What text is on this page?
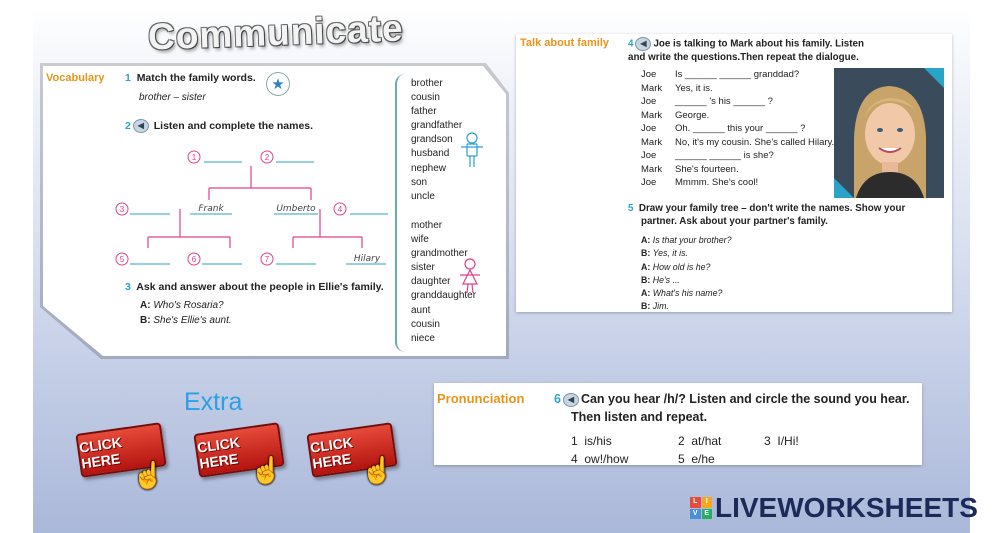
Communicate
Vocabulary 1 Match the family words.	★
brother – sister
2 ◀ Listen and complete the names.
1	2
3	4
5	6	7
Frank	Umberto
Hilary
3 Ask and answer about the people in Ellie's family.
A: Who's Rosaria?
B: She's Ellie's aunt.
brother
cousin
father
grandfather
grandson
husband
nephew
son
uncle
mother
wife
grandmother
sister
daughter
granddaughter
aunt
cousin
niece
Talk about family 4 ◀ Joe is talking to Mark about his family. Listen
and write the questions.Then repeat the dialogue.
Joe Is ______ ______ granddad?
Mark Yes, it is.
Joe ______ 's his ______ ?
Mark George.
Joe Oh. ______ this your ______ ?
Mark No, it's my cousin. She's called Hilary.
Joe ______ ______ is she?
Mark She's fourteen.
Joe Mmmm. She's cool!
5 Draw your family tree – don't write the names. Show your
partner. Ask about your partner's family.
A: Is that your brother?
B: Yes, it is.
A: How old is he?
B: He's ...
A: What's his name?
B: Jim.
Extra
CLICK HERE ☝
CLICK HERE ☝
CLICK HERE ☝
Pronunciation 6 ◀ Can you hear /h/? Listen and circle the sound you hear.
Then listen and repeat.
1 is/his	2 at/hat	3 I/Hi!
4 ow!/how	5 e/he
L	I
V E LIVEWORKSHEETS
